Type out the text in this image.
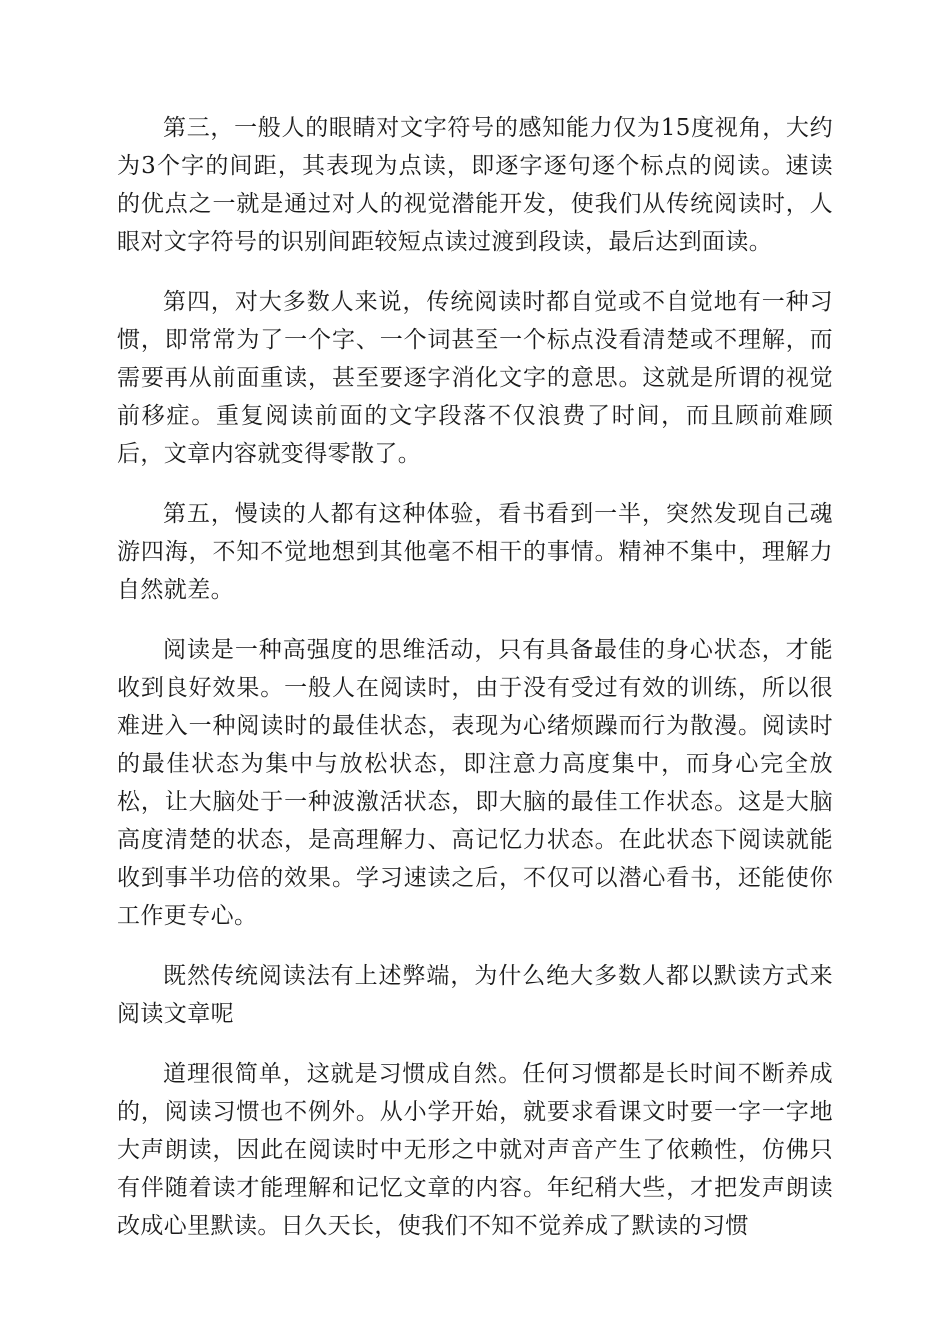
第三，一般人的眼睛对文字符号的感知能力仅为15度视角，大约为3个字的间距，其表现为点读，即逐字逐句逐个标点的阅读。速读的优点之一就是通过对人的视觉潜能开发，使我们从传统阅读时，人眼对文字符号的识别间距较短点读过渡到段读，最后达到面读。

第四，对大多数人来说，传统阅读时都自觉或不自觉地有一种习惯，即常常为了一个字、一个词甚至一个标点没看清楚或不理解，而需要再从前面重读，甚至要逐字消化文字的意思。这就是所谓的视觉前移症。重复阅读前面的文字段落不仅浪费了时间，而且顾前难顾后，文章内容就变得零散了。

第五，慢读的人都有这种体验，看书看到一半，突然发现自己魂游四海，不知不觉地想到其他毫不相干的事情。精神不集中，理解力自然就差。

阅读是一种高强度的思维活动，只有具备最佳的身心状态，才能收到良好效果。一般人在阅读时，由于没有受过有效的训练，所以很难进入一种阅读时的最佳状态，表现为心绪烦躁而行为散漫。阅读时的最佳状态为集中与放松状态，即注意力高度集中，而身心完全放松，让大脑处于一种波激活状态，即大脑的最佳工作状态。这是大脑高度清楚的状态，是高理解力、高记忆力状态。在此状态下阅读就能收到事半功倍的效果。学习速读之后，不仅可以潜心看书，还能使你工作更专心。

既然传统阅读法有上述弊端，为什么绝大多数人都以默读方式来阅读文章呢

道理很简单，这就是习惯成自然。任何习惯都是长时间不断养成的，阅读习惯也不例外。从小学开始，就要求看课文时要一字一字地大声朗读，因此在阅读时中无形之中就对声音产生了依赖性，仿佛只有伴随着读才能理解和记忆文章的内容。年纪稍大些，才把发声朗读改成心里默读。日久天长，使我们不知不觉养成了默读的习惯
